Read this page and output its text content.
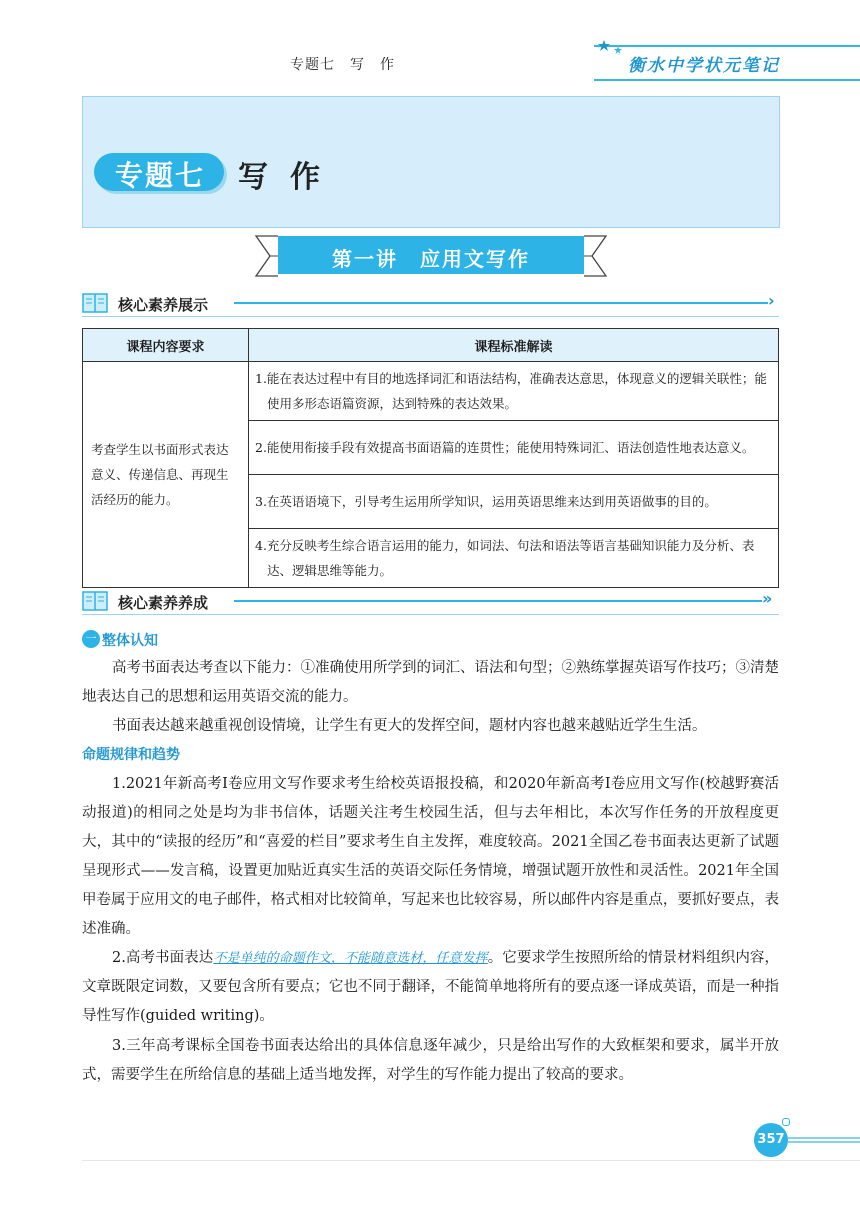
专题七　写　作	衡水中学状元笔记
专题七	写作
第一讲　应用文写作
核心素养展示	›
课程内容要求	课程标准解读
考查学生以书面形式表达意义、传递信息、再现生活经历的能力。	1.能在表达过程中有目的地选择词汇和语法结构，准确表达意思，体现意义的逻辑关联性；能使用多形态语篇资源，达到特殊的表达效果。
	2.能使用衔接手段有效提高书面语篇的连贯性；能使用特殊词汇、语法创造性地表达意义。
	3.在英语语境下，引导考生运用所学知识，运用英语思维来达到用英语做事的目的。
	4.充分反映考生综合语言运用的能力，如词法、句法和语法等语言基础知识能力及分析、表达、逻辑思维等能力。
核心素养养成	»
一 整体认知
高考书面表达考查以下能力：①准确使用所学到的词汇、语法和句型；②熟练掌握英语写作技巧；③清楚地表达自己的思想和运用英语交流的能力。
书面表达越来越重视创设情境，让学生有更大的发挥空间，题材内容也越来越贴近学生生活。
命题规律和趋势
1.2021年新高考Ⅰ卷应用文写作要求考生给校英语报投稿，和2020年新高考Ⅰ卷应用文写作(校越野赛活动报道)的相同之处是均为非书信体，话题关注考生校园生活，但与去年相比，本次写作任务的开放程度更大，其中的“读报的经历”和“喜爱的栏目”要求考生自主发挥，难度较高。2021全国乙卷书面表达更新了试题呈现形式——发言稿，设置更加贴近真实生活的英语交际任务情境，增强试题开放性和灵活性。2021年全国甲卷属于应用文的电子邮件，格式相对比较简单，写起来也比较容易，所以邮件内容是重点，要抓好要点，表述准确。
2.高考书面表达不是单纯的命题作文，不能随意选材，任意发挥。它要求学生按照所给的情景材料组织内容，文章既限定词数，又要包含所有要点；它也不同于翻译，不能简单地将所有的要点逐一译成英语，而是一种指导性写作(guided writing)。
3.三年高考课标全国卷书面表达给出的具体信息逐年减少，只是给出写作的大致框架和要求，属半开放式，需要学生在所给信息的基础上适当地发挥，对学生的写作能力提出了较高的要求。
357
